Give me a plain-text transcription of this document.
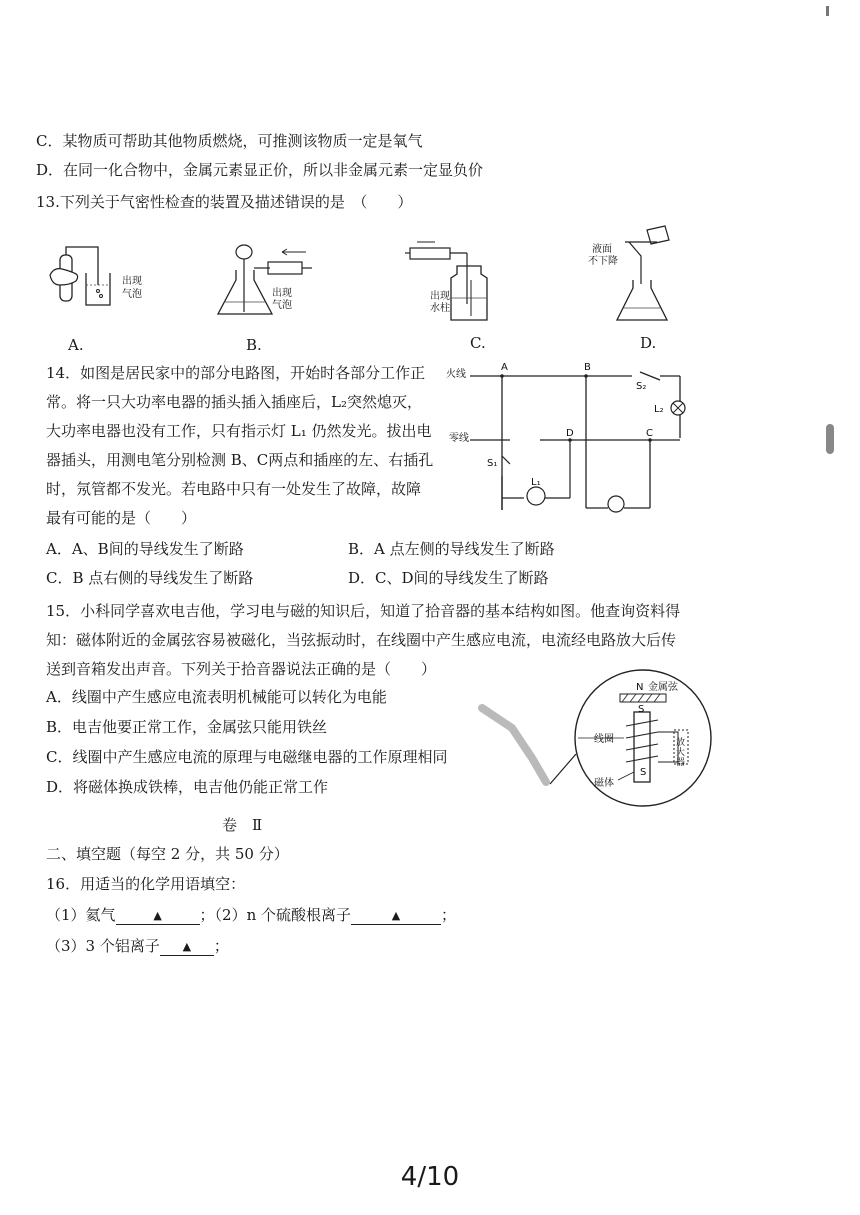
C．某物质可帮助其他物质燃烧，可推测该物质一定是氧气
D．在同一化合物中，金属元素显正价，所以非金属元素一定显负价
13.下列关于气密性检查的装置及描述错误的是　（　　）
出现
气泡
A.
出现
气泡
B.
出现
水柱
C.
液面
不下降
D.
14．如图是居民家中的部分电路图，开始时各部分工作正
常。将一只大功率电器的插头插入插座后，L₂突然熄灭，
大功率电器也没有工作，只有指示灯 L₁ 仍然发光。拔出电
器插头，用测电笔分别检测 B、C两点和插座的左、右插孔
时，氖管都不发光。若电路中只有一处发生了故障，故障
最有可能的是（　　）
火线
零线
A	B
C
D
S₂
S₁
L₁
L₂
A．A、B间的导线发生了断路	B．A 点左侧的导线发生了断路
C．B 点右侧的导线发生了断路	D．C、D间的导线发生了断路
15．小科同学喜欢电吉他，学习电与磁的知识后，知道了拾音器的基本结构如图。他查询资料得
知：磁体附近的金属弦容易被磁化，当弦振动时，在线圈中产生感应电流，电流经电路放大后传
送到音箱发出声音。下列关于拾音器说法正确的是（　　）
A．线圈中产生感应电流表明机械能可以转化为电能
B．电吉他要正常工作，金属弦只能用铁丝
C．线圈中产生感应电流的原理与电磁继电器的工作原理相同
D．将磁体换成铁棒，电吉他仍能正常工作
N 金属弦
S
线圈	放大器
S
磁体
卷　Ⅱ
二、填空题（每空 2 分，共 50 分）
16．用适当的化学用语填空：
（1）氦气	▲	；（2）n 个硫酸根离子	▲	；
（3）3 个铝离子 ▲ ；
4/10
